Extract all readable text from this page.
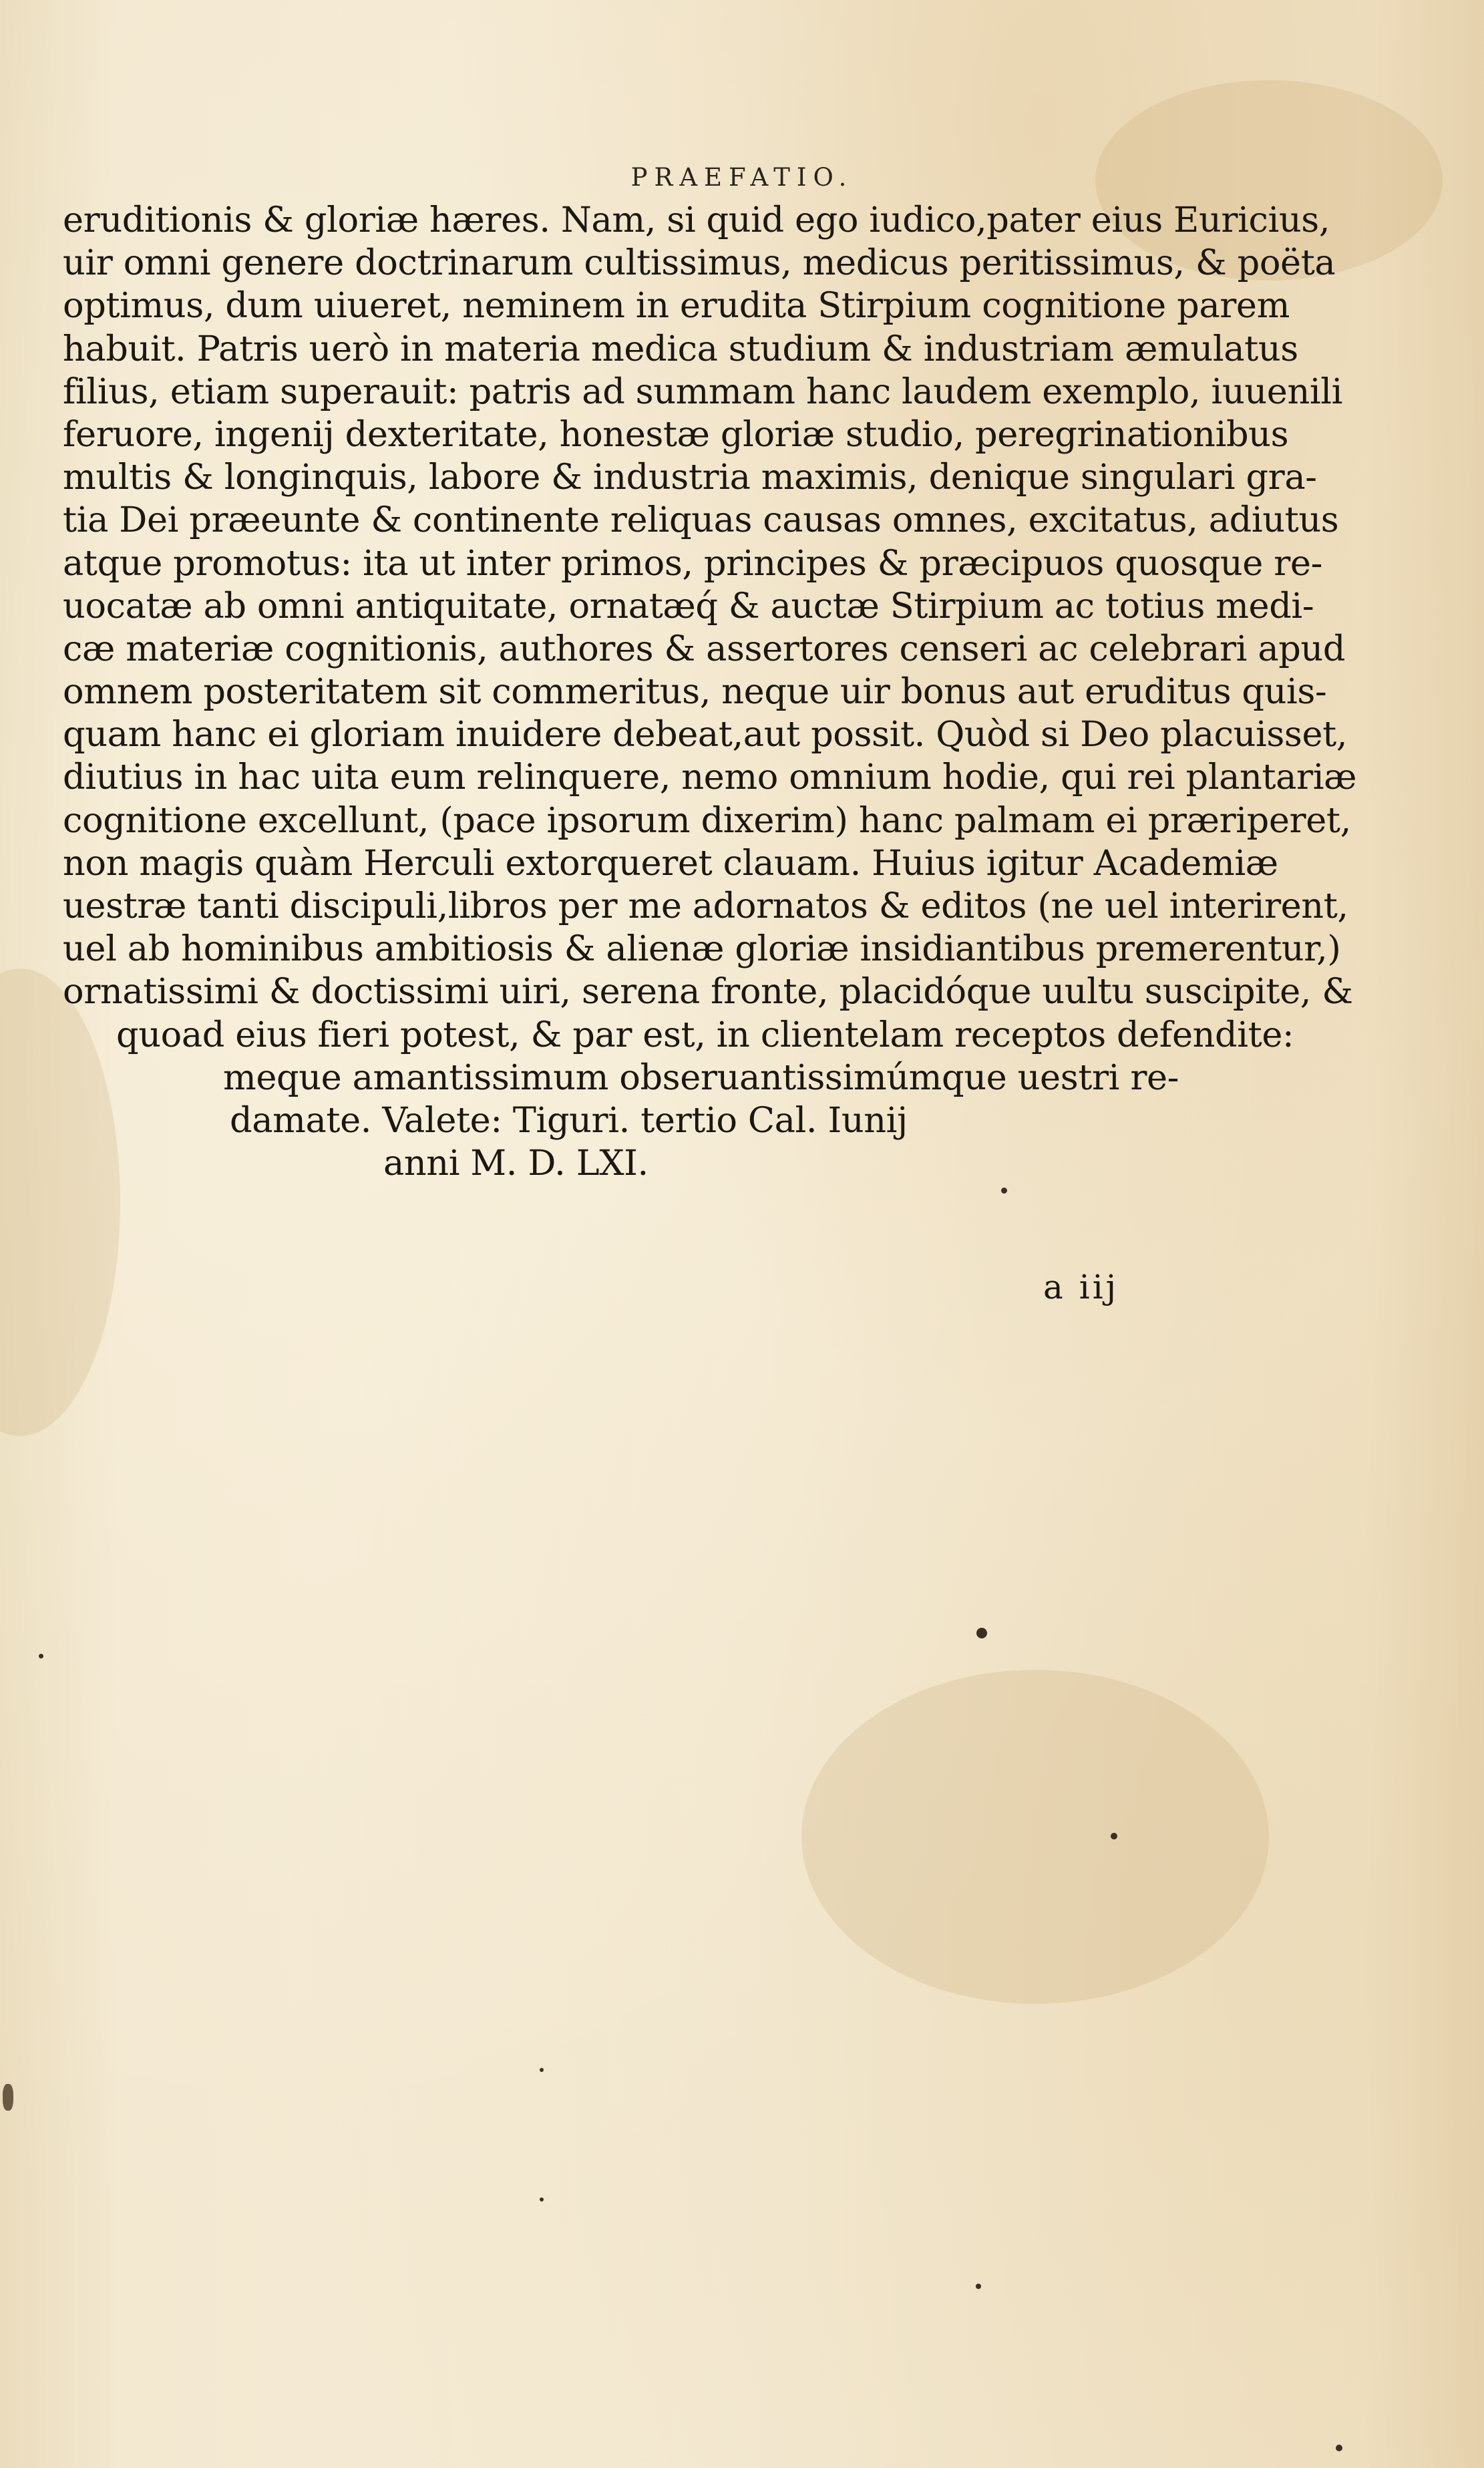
PRAEFATIO.
eruditionis & gloriæ hæres. Nam, si quid ego iudico,pater eius Euricius,
uir omni genere doctrinarum cultissimus, medicus peritissimus, & poëta
optimus, dum uiueret, neminem in erudita Stirpium cognitione parem
habuit. Patris uerò in materia medica studium & industriam æmulatus
filius, etiam superauit: patris ad summam hanc laudem exemplo, iuuenili
feruore, ingenij dexteritate, honestæ gloriæ studio, peregrinationibus
multis & longinquis, labore & industria maximis, denique singulari gra-
tia Dei præeunte & continente reliquas causas omnes, excitatus, adiutus
atque promotus: ita ut inter primos, principes & præcipuos quosque re-
uocatæ ab omni antiquitate, ornatæq́ & auctæ Stirpium ac totius medi-
cæ materiæ cognitionis, authores & assertores censeri ac celebrari apud
omnem posteritatem sit commeritus, neque uir bonus aut eruditus quis-
quam hanc ei gloriam inuidere debeat,aut possit. Quòd si Deo placuisset,
diutius in hac uita eum relinquere, nemo omnium hodie, qui rei plantariæ
cognitione excellunt, (pace ipsorum dixerim) hanc palmam ei præriperet,
non magis quàm Herculi extorqueret clauam. Huius igitur Academiæ
uestræ tanti discipuli,libros per me adornatos & editos (ne uel interirent,
uel ab hominibus ambitiosis & alienæ gloriæ insidiantibus premerentur,)
ornatissimi & doctissimi uiri, serena fronte, placidóque uultu suscipite, &
quoad eius fieri potest, & par est, in clientelam receptos defendite:
meque amantissimum obseruantissimúmque uestri re-
damate. Valete: Tiguri. tertio Cal. Iunij
anni M. D. LXI.
a iij
